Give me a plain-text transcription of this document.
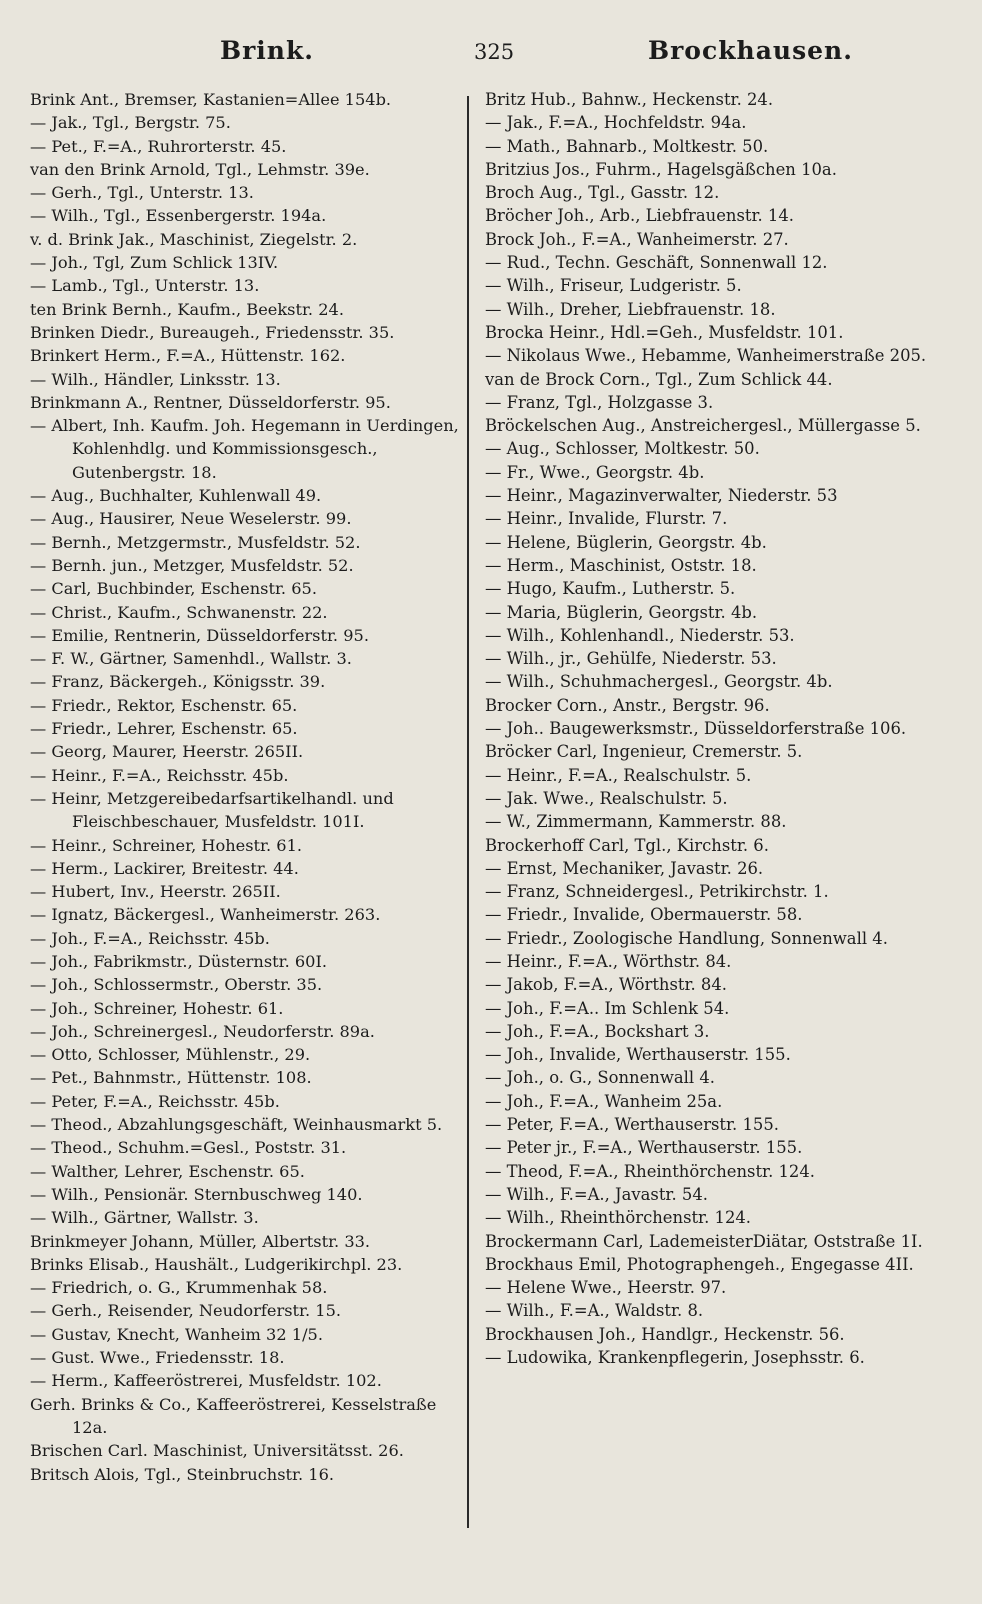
Brink.	325	Brockhausen.
Brink Ant., Bremser, Kastanien=Allee 154b.
— Jak., Tgl., Bergstr. 75.
— Pet., F.=A., Ruhrorterstr. 45.
van den Brink Arnold, Tgl., Lehmstr. 39e.
— Gerh., Tgl., Unterstr. 13.
— Wilh., Tgl., Essenbergerstr. 194a.
v. d. Brink Jak., Maschinist, Ziegelstr. 2.
— Joh., Tgl, Zum Schlick 13IV.
— Lamb., Tgl., Unterstr. 13.
ten Brink Bernh., Kaufm., Beekstr. 24.
Brinken Diedr., Bureaugeh., Friedensstr. 35.
Brinkert Herm., F.=A., Hüttenstr. 162.
— Wilh., Händler, Linksstr. 13.
Brinkmann A., Rentner, Düsseldorferstr. 95.
— Albert, Inh. Kaufm. Joh. Hegemann in Uerdingen, Kohlenhdlg. und Kommissionsgesch., Gutenbergstr. 18.
— Aug., Buchhalter, Kuhlenwall 49.
— Aug., Hausirer, Neue Weselerstr. 99.
— Bernh., Metzgermstr., Musfeldstr. 52.
— Bernh. jun., Metzger, Musfeldstr. 52.
— Carl, Buchbinder, Eschenstr. 65.
— Christ., Kaufm., Schwanenstr. 22.
— Emilie, Rentnerin, Düsseldorferstr. 95.
— F. W., Gärtner, Samenhdl., Wallstr. 3.
— Franz, Bäckergeh., Königsstr. 39.
— Friedr., Rektor, Eschenstr. 65.
— Friedr., Lehrer, Eschenstr. 65.
— Georg, Maurer, Heerstr. 265II.
— Heinr., F.=A., Reichsstr. 45b.
— Heinr, Metzgereibedarfsartikelhandl. und Fleischbeschauer, Musfeldstr. 101I.
— Heinr., Schreiner, Hohestr. 61.
— Herm., Lackirer, Breitestr. 44.
— Hubert, Inv., Heerstr. 265II.
— Ignatz, Bäckergesl., Wanheimerstr. 263.
— Joh., F.=A., Reichsstr. 45b.
— Joh., Fabrikmstr., Düsternstr. 60I.
— Joh., Schlossermstr., Oberstr. 35.
— Joh., Schreiner, Hohestr. 61.
— Joh., Schreinergesl., Neudorferstr. 89a.
— Otto, Schlosser, Mühlenstr., 29.
— Pet., Bahnmstr., Hüttenstr. 108.
— Peter, F.=A., Reichsstr. 45b.
— Theod., Abzahlungsgeschäft, Weinhausmarkt 5.
— Theod., Schuhm.=Gesl., Poststr. 31.
— Walther, Lehrer, Eschenstr. 65.
— Wilh., Pensionär. Sternbuschweg 140.
— Wilh., Gärtner, Wallstr. 3.
Brinkmeyer Johann, Müller, Albertstr. 33.
Brinks Elisab., Haushält., Ludgerikirchpl. 23.
— Friedrich, o. G., Krummenhak 58.
— Gerh., Reisender, Neudorferstr. 15.
— Gustav, Knecht, Wanheim 32 1/5.
— Gust. Wwe., Friedensstr. 18.
— Herm., Kaffeeröstrerei, Musfeldstr. 102.
Gerh. Brinks & Co., Kaffeeröstrerei, Kesselstraße 12a.
Brischen Carl. Maschinist, Universitätsst. 26.
Britsch Alois, Tgl., Steinbruchstr. 16.
Britz Hub., Bahnw., Heckenstr. 24.
— Jak., F.=A., Hochfeldstr. 94a.
— Math., Bahnarb., Moltkestr. 50.
Britzius Jos., Fuhrm., Hagelsgäßchen 10a.
Broch Aug., Tgl., Gasstr. 12.
Bröcher Joh., Arb., Liebfrauenstr. 14.
Brock Joh., F.=A., Wanheimerstr. 27.
— Rud., Techn. Geschäft, Sonnenwall 12.
— Wilh., Friseur, Ludgeristr. 5.
— Wilh., Dreher, Liebfrauenstr. 18.
Brocka Heinr., Hdl.=Geh., Musfeldstr. 101.
— Nikolaus Wwe., Hebamme, Wanheimerstraße 205.
van de Brock Corn., Tgl., Zum Schlick 44.
— Franz, Tgl., Holzgasse 3.
Bröckelschen Aug., Anstreichergesl., Müllergasse 5.
— Aug., Schlosser, Moltkestr. 50.
— Fr., Wwe., Georgstr. 4b.
— Heinr., Magazinverwalter, Niederstr. 53
— Heinr., Invalide, Flurstr. 7.
— Helene, Büglerin, Georgstr. 4b.
— Herm., Maschinist, Oststr. 18.
— Hugo, Kaufm., Lutherstr. 5.
— Maria, Büglerin, Georgstr. 4b.
— Wilh., Kohlenhandl., Niederstr. 53.
— Wilh., jr., Gehülfe, Niederstr. 53.
— Wilh., Schuhmachergesl., Georgstr. 4b.
Brocker Corn., Anstr., Bergstr. 96.
— Joh.. Baugewerksmstr., Düsseldorferstraße 106.
Bröcker Carl, Ingenieur, Cremerstr. 5.
— Heinr., F.=A., Realschulstr. 5.
— Jak. Wwe., Realschulstr. 5.
— W., Zimmermann, Kammerstr. 88.
Brockerhoff Carl, Tgl., Kirchstr. 6.
— Ernst, Mechaniker, Javastr. 26.
— Franz, Schneidergesl., Petrikirchstr. 1.
— Friedr., Invalide, Obermauerstr. 58.
— Friedr., Zoologische Handlung, Sonnenwall 4.
— Heinr., F.=A., Wörthstr. 84.
— Jakob, F.=A., Wörthstr. 84.
— Joh., F.=A.. Im Schlenk 54.
— Joh., F.=A., Bockshart 3.
— Joh., Invalide, Werthauserstr. 155.
— Joh., o. G., Sonnenwall 4.
— Joh., F.=A., Wanheim 25a.
— Peter, F.=A., Werthauserstr. 155.
— Peter jr., F.=A., Werthauserstr. 155.
— Theod, F.=A., Rheinthörchenstr. 124.
— Wilh., F.=A., Javastr. 54.
— Wilh., Rheinthörchenstr. 124.
Brockermann Carl, LademeisterDiätar, Oststraße 1I.
Brockhaus Emil, Photographengeh., Engegasse 4II.
— Helene Wwe., Heerstr. 97.
— Wilh., F.=A., Waldstr. 8.
Brockhausen Joh., Handlgr., Heckenstr. 56.
— Ludowika, Krankenpflegerin, Josephsstr. 6.
